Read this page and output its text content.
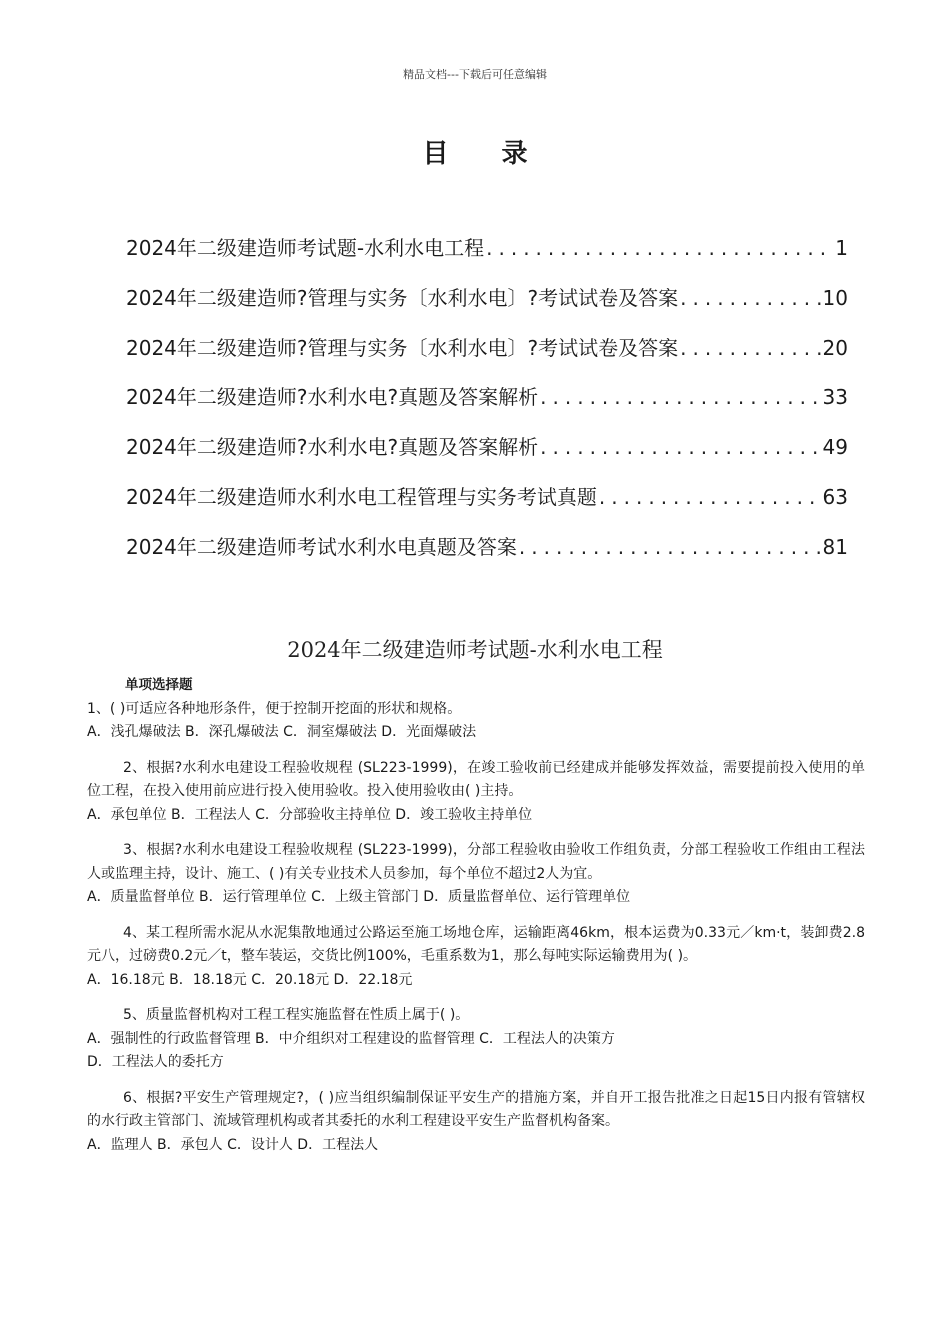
精品文档---下载后可任意编辑
目 录
2024年二级建造师考试题-水利水电工程 .....	1
2024年二级建造师?管理与实务〔水利水电〕?考试试卷及答案 .....	10
2024年二级建造师?管理与实务〔水利水电〕?考试试卷及答案 .....	20
2024年二级建造师?水利水电?真题及答案解析 .....	33
2024年二级建造师?水利水电?真题及答案解析 .....	49
2024年二级建造师水利水电工程管理与实务考试真题 .....	63
2024年二级建造师考试水利水电真题及答案 .....	81
2024年二级建造师考试题-水利水电工程
单项选择题
1、( )可适应各种地形条件，便于控制开挖面的形状和规格。
A．浅孔爆破法 B．深孔爆破法 C．洞室爆破法 D．光面爆破法
2、根据?水利水电建设工程验收规程 (SL223-1999)，在竣工验收前已经建成并能够发挥效益，需要提前投入使用的单位工程，在投入使用前应进行投入使用验收。投入使用验收由( )主持。
A．承包单位 B．工程法人 C．分部验收主持单位 D．竣工验收主持单位
3、根据?水利水电建设工程验收规程 (SL223-1999)，分部工程验收由验收工作组负责，分部工程验收工作组由工程法人或监理主持，设计、施工、( )有关专业技术人员参加，每个单位不超过2人为宜。
A．质量监督单位 B．运行管理单位 C．上级主管部门 D．质量监督单位、运行管理单位
4、某工程所需水泥从水泥集散地通过公路运至施工场地仓库，运输距离46km，根本运费为0.33元／km·t，装卸费2.8元八，过磅费0.2元／t，整车装运，交货比例100%，毛重系数为1，那么每吨实际运输费用为( )。
A．16.18元 B．18.18元 C．20.18元 D．22.18元
5、质量监督机构对工程工程实施监督在性质上属于( )。
A．强制性的行政监督管理 B．中介组织对工程建设的监督管理 C．工程法人的决策方
D．工程法人的委托方
6、根据?平安生产管理规定?，( )应当组织编制保证平安生产的措施方案，并自开工报告批准之日起15日内报有管辖权的水行政主管部门、流域管理机构或者其委托的水利工程建设平安生产监督机构备案。
A．监理人 B．承包人 C．设计人 D．工程法人
